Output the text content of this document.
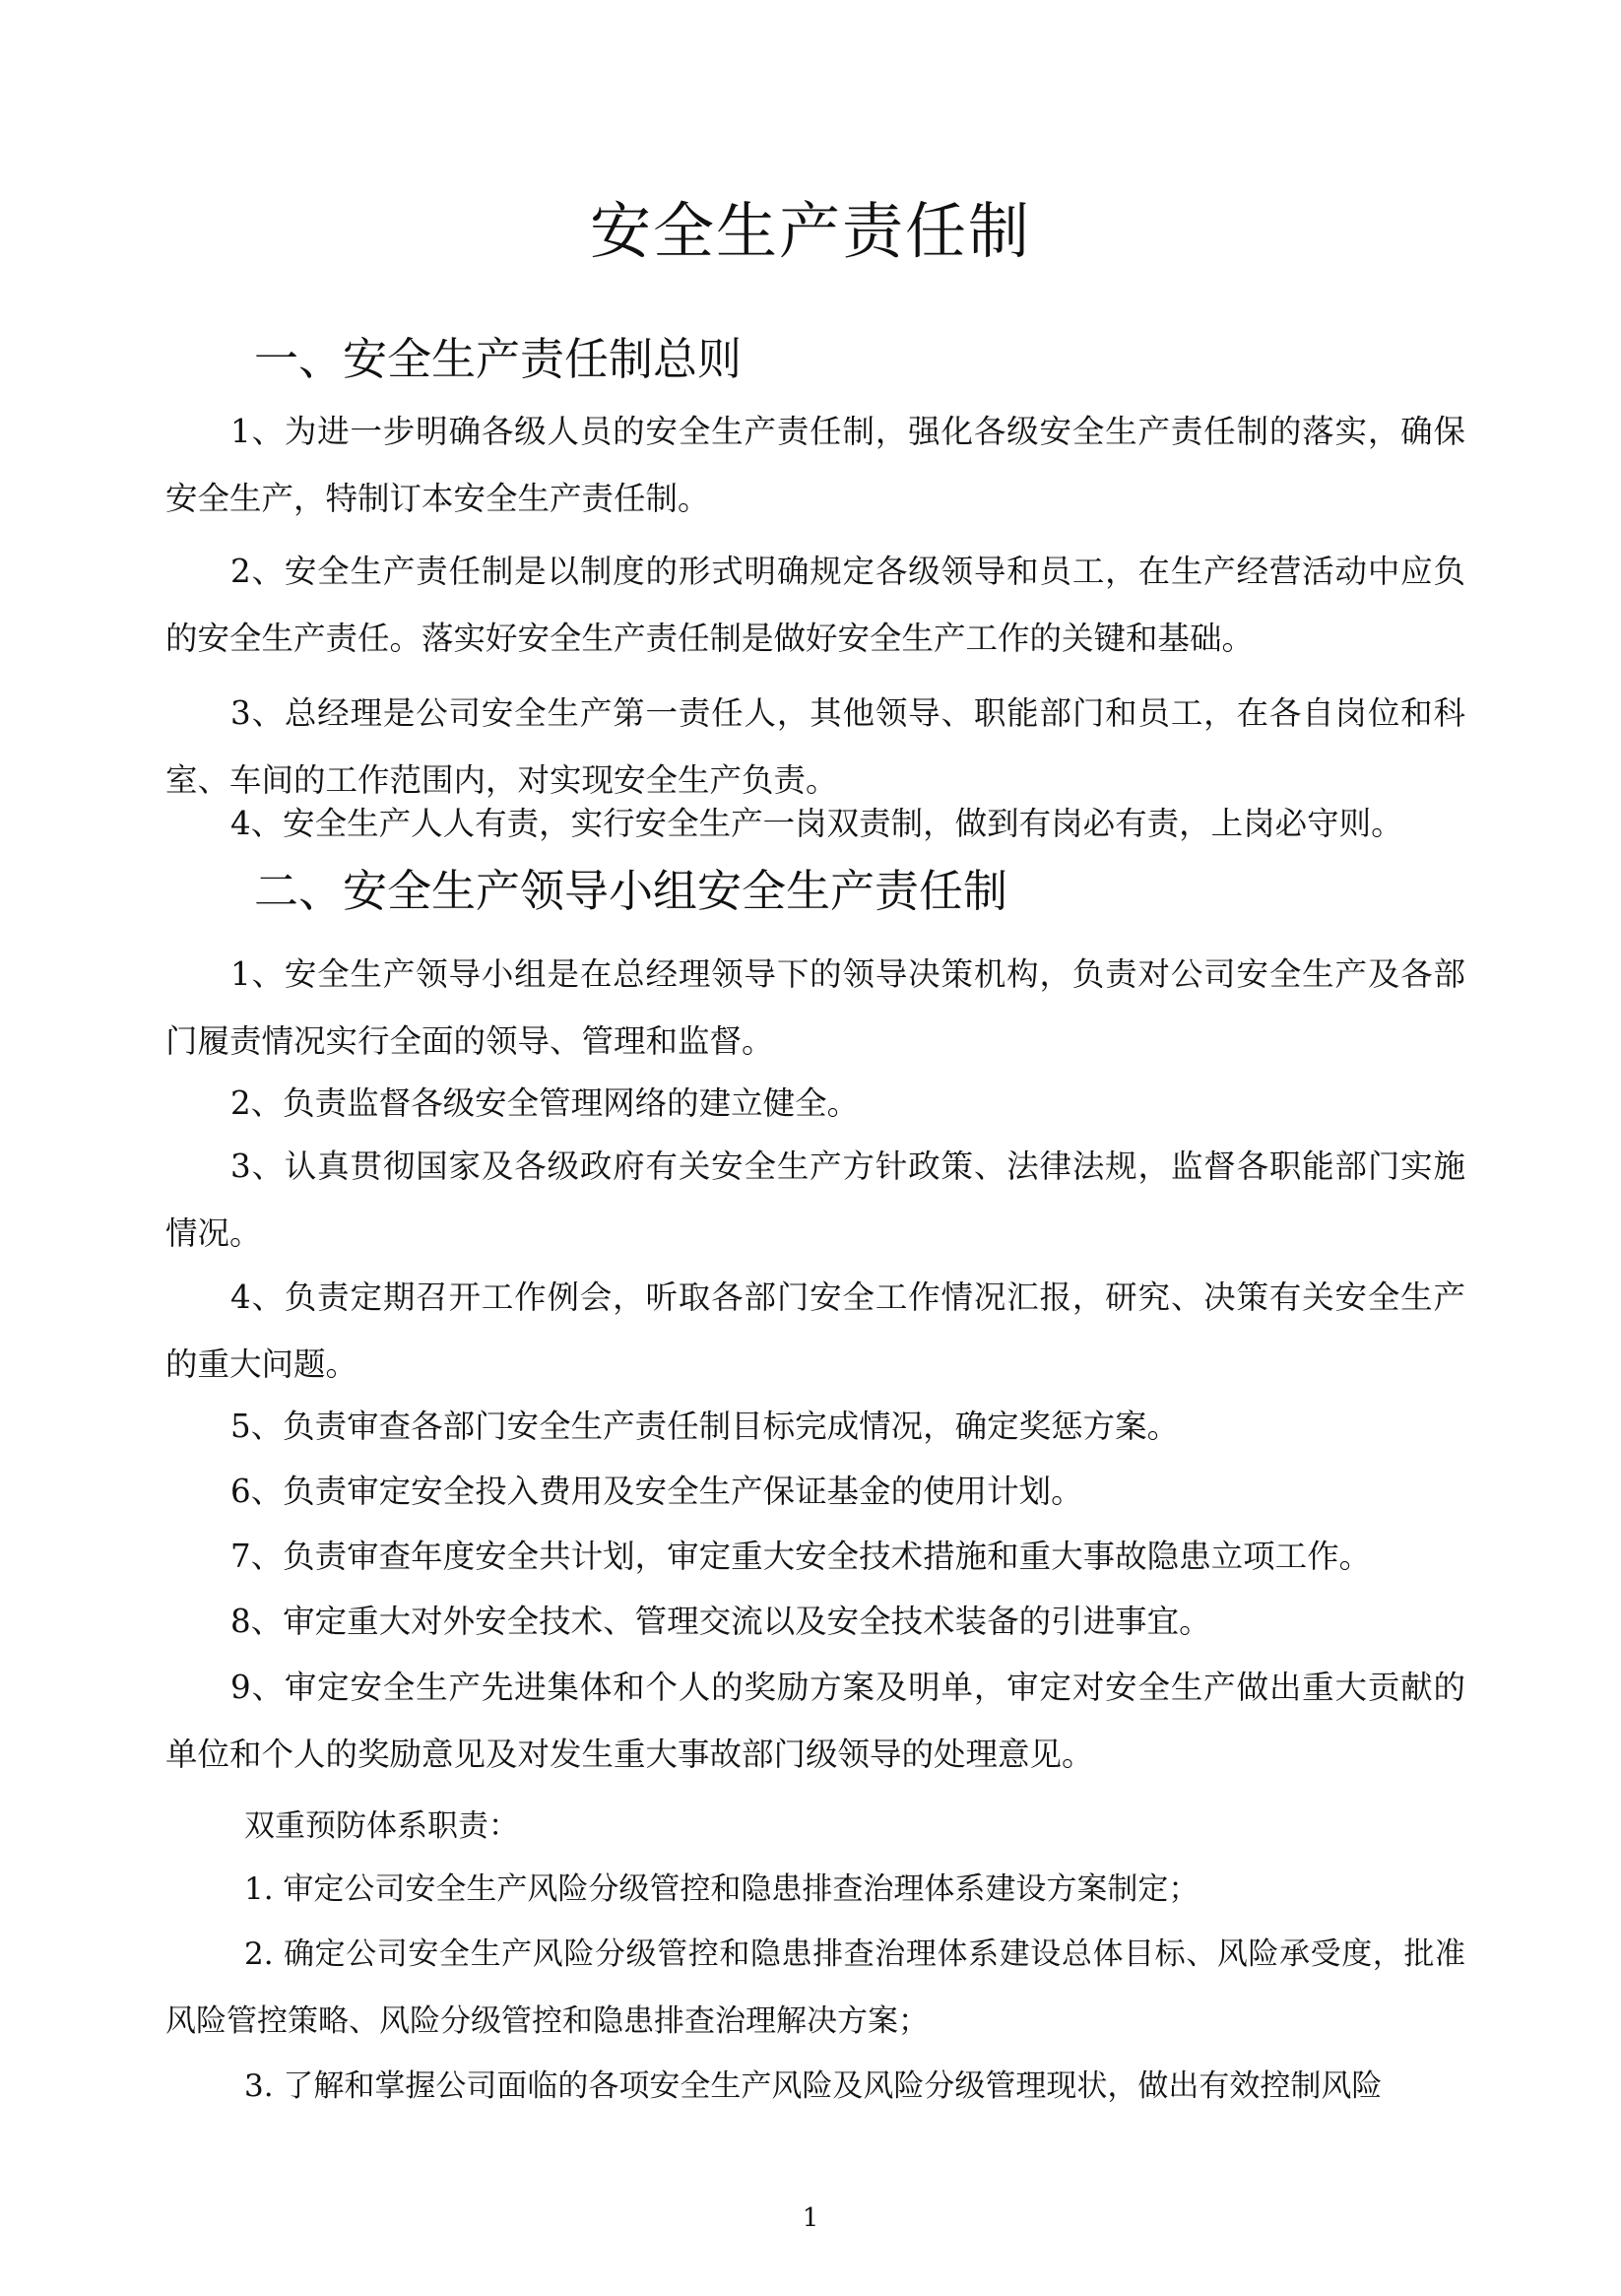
安全生产责任制
一、安全生产责任制总则

1、为进一步明确各级人员的安全生产责任制，强化各级安全生产责任制的落实，确保安全生产，特制订本安全生产责任制。

2、安全生产责任制是以制度的形式明确规定各级领导和员工，在生产经营活动中应负的安全生产责任。落实好安全生产责任制是做好安全生产工作的关键和基础。

3、总经理是公司安全生产第一责任人，其他领导、职能部门和员工，在各自岗位和科室、车间的工作范围内，对实现安全生产负责。

4、安全生产人人有责，实行安全生产一岗双责制，做到有岗必有责，上岗必守则。

二、安全生产领导小组安全生产责任制

1、安全生产领导小组是在总经理领导下的领导决策机构，负责对公司安全生产及各部门履责情况实行全面的领导、管理和监督。

2、负责监督各级安全管理网络的建立健全。

3、认真贯彻国家及各级政府有关安全生产方针政策、法律法规，监督各职能部门实施情况。

4、负责定期召开工作例会，听取各部门安全工作情况汇报，研究、决策有关安全生产的重大问题。

5、负责审查各部门安全生产责任制目标完成情况，确定奖惩方案。

6、负责审定安全投入费用及安全生产保证基金的使用计划。

7、负责审查年度安全共计划，审定重大安全技术措施和重大事故隐患立项工作。

8、审定重大对外安全技术、管理交流以及安全技术装备的引进事宜。

9、审定安全生产先进集体和个人的奖励方案及明单，审定对安全生产做出重大贡献的单位和个人的奖励意见及对发生重大事故部门级领导的处理意见。

双重预防体系职责：

1. 审定公司安全生产风险分级管控和隐患排查治理体系建设方案制定；

2. 确定公司安全生产风险分级管控和隐患排查治理体系建设总体目标、风险承受度，批准风险管控策略、风险分级管控和隐患排查治理解决方案；

3. 了解和掌握公司面临的各项安全生产风险及风险分级管理现状，做出有效控制风险

1
